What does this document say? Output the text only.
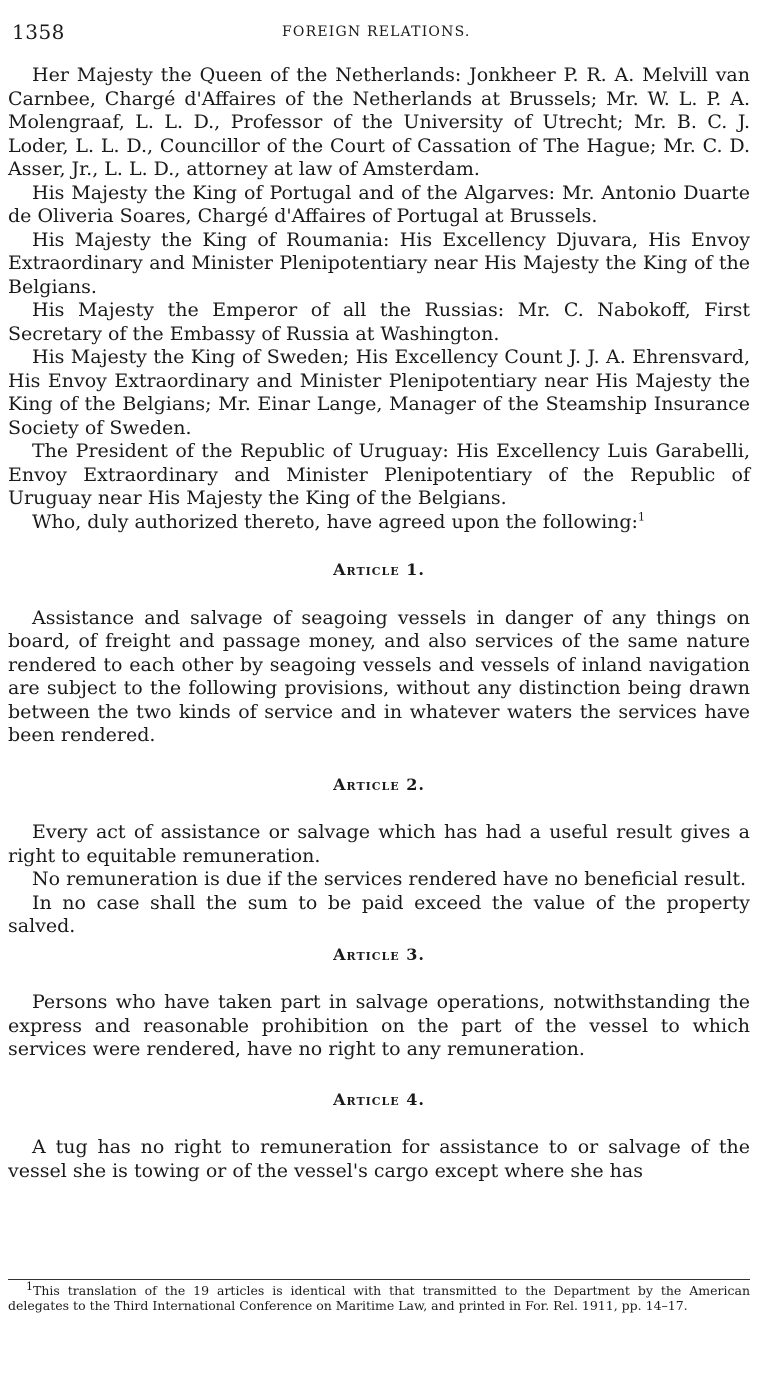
1358	FOREIGN RELATIONS.

Her Majesty the Queen of the Netherlands: Jonkheer P. R. A. Melvill van Carnbee, Chargé d'Affaires of the Netherlands at Brussels; Mr. W. L. P. A. Molengraaf, L. L. D., Professor of the University of Utrecht; Mr. B. C. J. Loder, L. L. D., Councillor of the Court of Cassation of The Hague; Mr. C. D. Asser, Jr., L. L. D., attorney at law of Amsterdam.

His Majesty the King of Portugal and of the Algarves: Mr. Antonio Duarte de Oliveria Soares, Chargé d'Affaires of Portugal at Brussels.

His Majesty the King of Roumania: His Excellency Djuvara, His Envoy Extraordinary and Minister Plenipotentiary near His Majesty the King of the Belgians.

His Majesty the Emperor of all the Russias: Mr. C. Nabokoff, First Secretary of the Embassy of Russia at Washington.

His Majesty the King of Sweden; His Excellency Count J. J. A. Ehrensvard, His Envoy Extraordinary and Minister Plenipotentiary near His Majesty the King of the Belgians; Mr. Einar Lange, Manager of the Steamship Insurance Society of Sweden.

The President of the Republic of Uruguay: His Excellency Luis Garabelli, Envoy Extraordinary and Minister Plenipotentiary of the Republic of Uruguay near His Majesty the King of the Belgians.

Who, duly authorized thereto, have agreed upon the following:$^1$

Article 1.

Assistance and salvage of seagoing vessels in danger of any things on board, of freight and passage money, and also services of the same nature rendered to each other by seagoing vessels and vessels of inland navigation are subject to the following provisions, without any distinction being drawn between the two kinds of service and in whatever waters the services have been rendered.

Article 2.

Every act of assistance or salvage which has had a useful result gives a right to equitable remuneration.

No remuneration is due if the services rendered have no beneficial result.

In no case shall the sum to be paid exceed the value of the property salved.

Article 3.

Persons who have taken part in salvage operations, notwithstanding the express and reasonable prohibition on the part of the vessel to which services were rendered, have no right to any remuneration.

Article 4.

A tug has no right to remuneration for assistance to or salvage of the vessel she is towing or of the vessel's cargo except where she has

$^1$This translation of the 19 articles is identical with that transmitted to the Department by the American delegates to the Third International Conference on Maritime Law, and printed in For. Rel. 1911, pp. 14–17.
